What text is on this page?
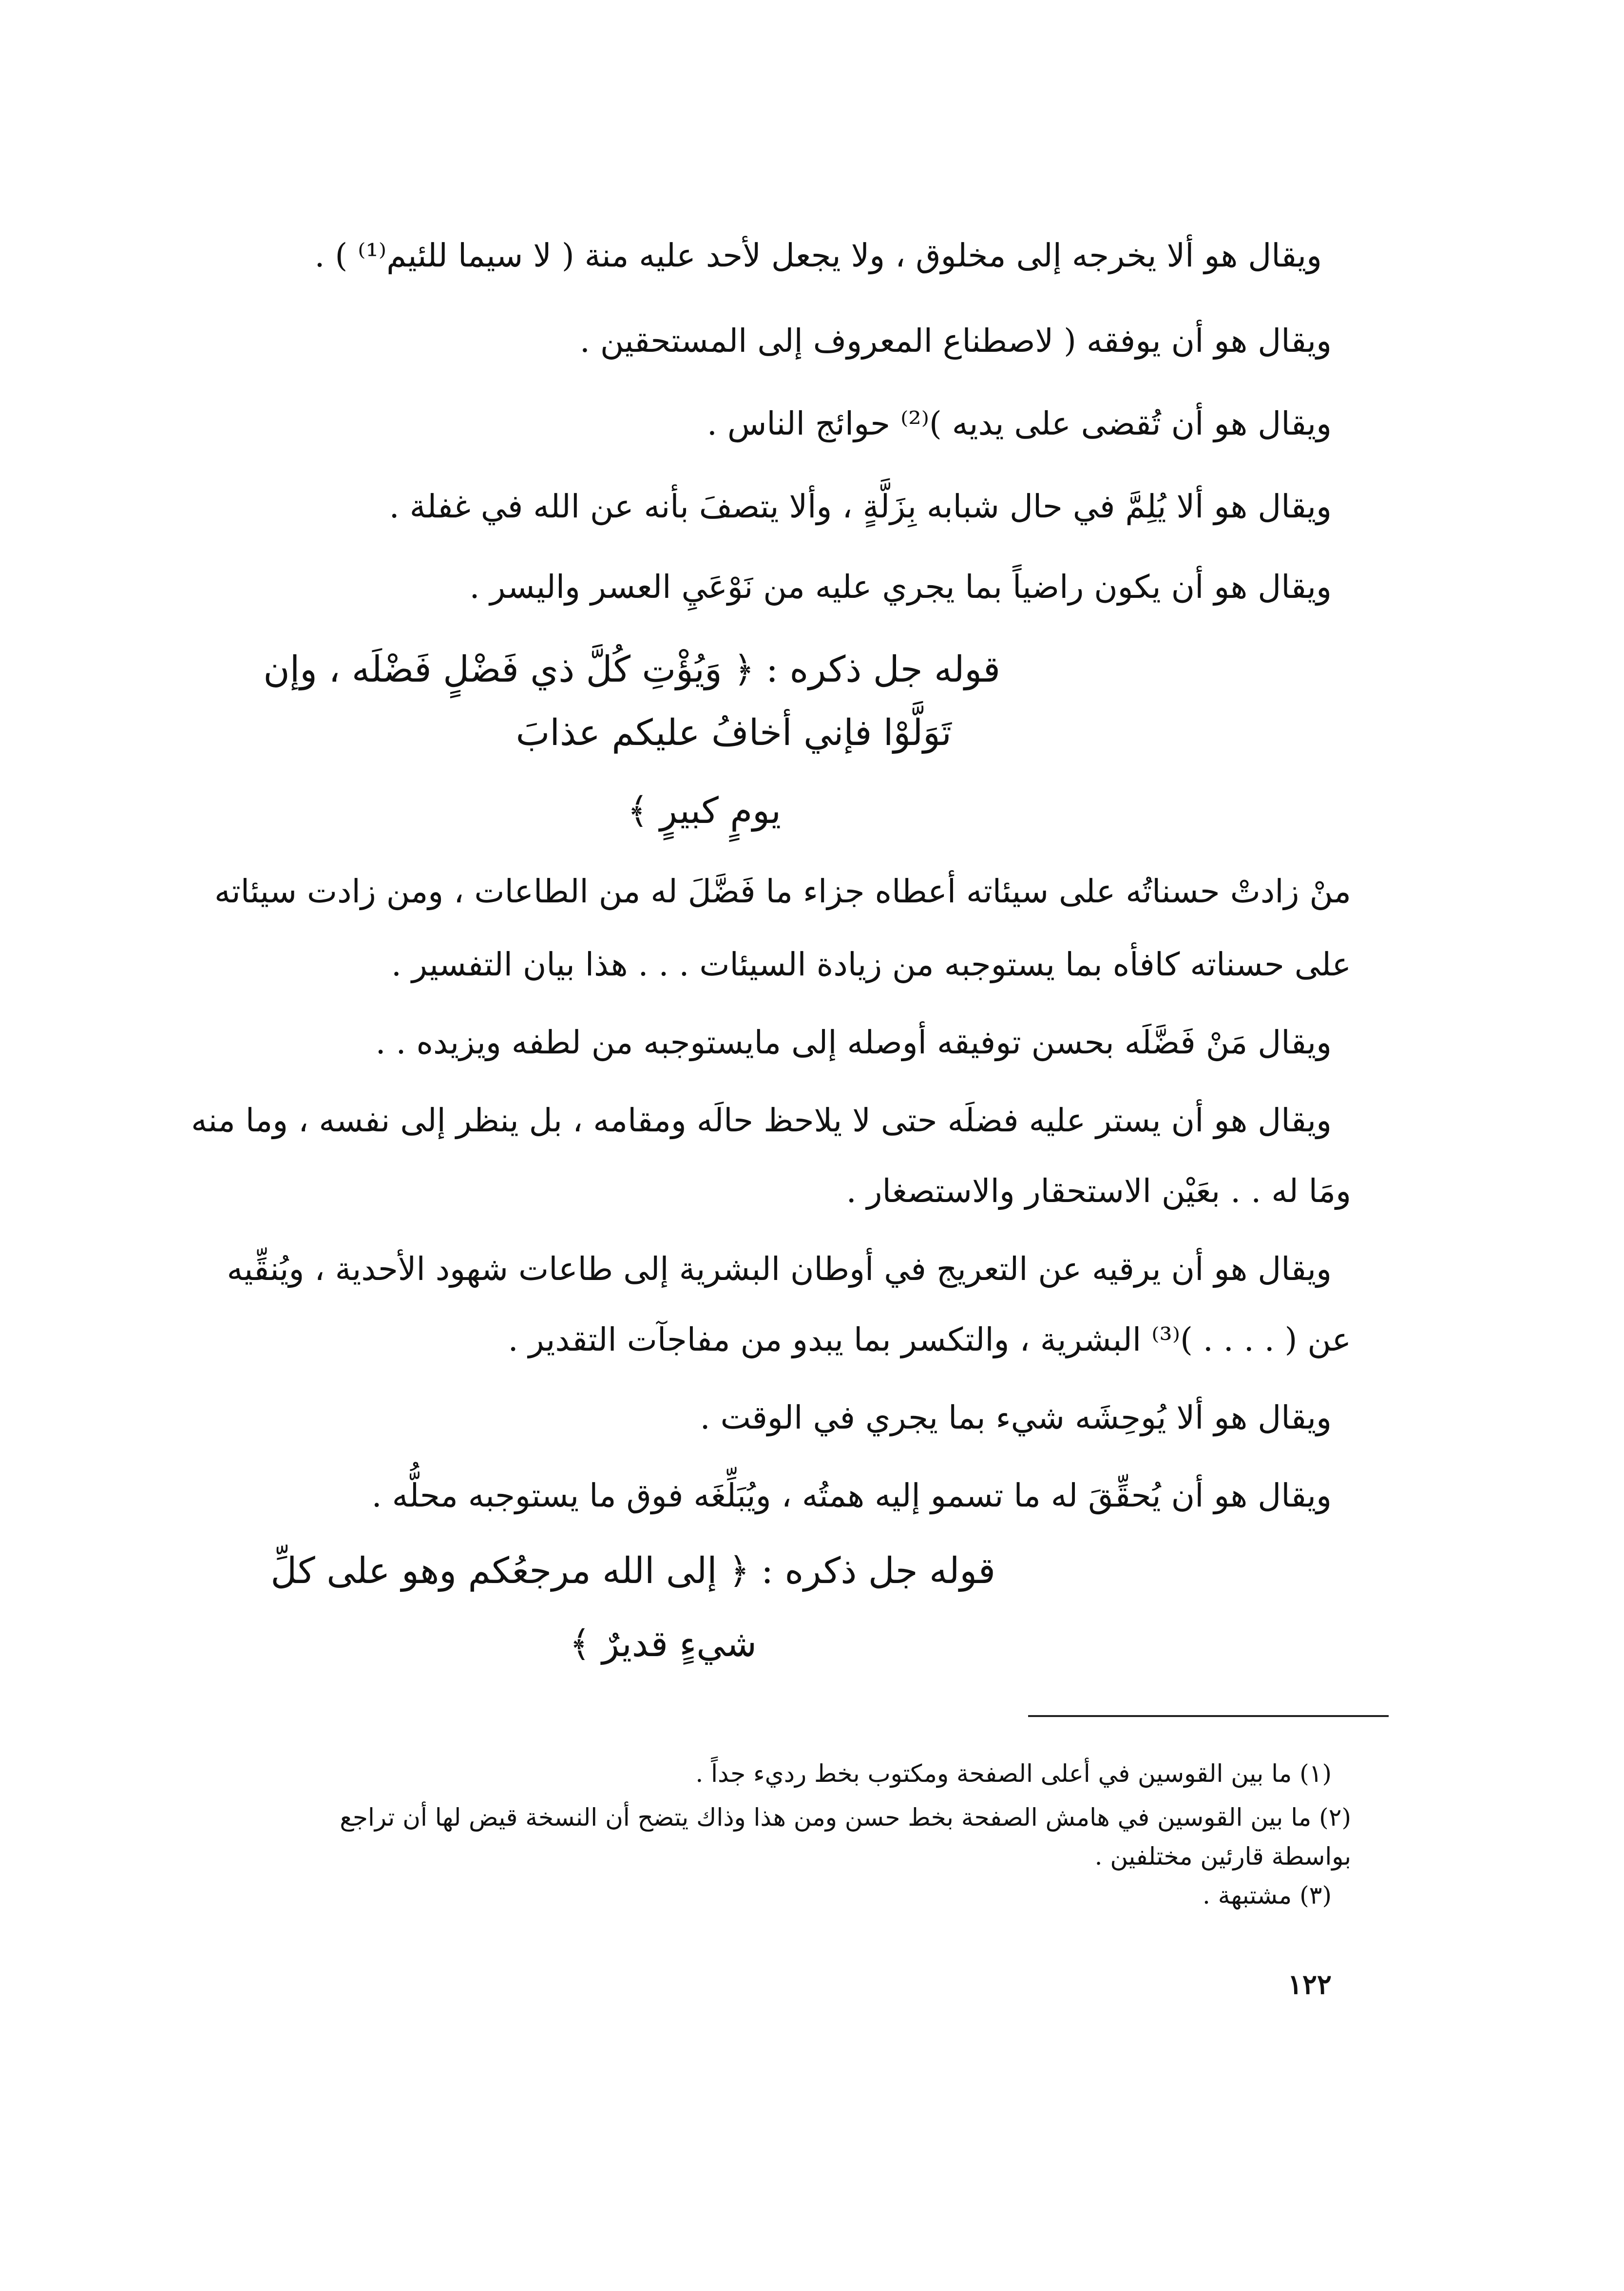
ويقال هو ألا يخرجه إلى مخلوق ، ولا يجعل لأحد عليه منة ( لا سيما للئيم⁽¹⁾ ) .
ويقال هو أن يوفقه ( لاصطناع المعروف إلى المستحقين .
ويقال هو أن تُقضى على يديه )⁽²⁾ حوائج الناس .
ويقال هو ألا يُلِمَّ في حال شبابه بِزَلَّةٍ ، وألا يتصفَ بأنه عن الله في غفلة .
ويقال هو أن يكون راضياً بما يجري عليه من نَوْعَيِ العسر واليسر .
قوله جل ذكره : ﴿ وَيُؤْتِ كُلَّ ذي فَضْلٍ فَضْلَه ، وإن
تَوَلَّوْا فإني أخافُ عليكم عذابَ
يومٍ كبيرٍ ﴾
منْ زادتْ حسناتُه على سيئاته أعطاه جزاء ما فَضَّلَ له من الطاعات ، ومن زادت سيئاته
على حسناته كافأه بما يستوجبه من زيادة السيئات . . . هذا بيان التفسير .
ويقال مَنْ فَضَّلَه بحسن توفيقه أوصله إلى مايستوجبه من لطفه ويزيده . .
ويقال هو أن يستر عليه فضلَه حتى لا يلاحظ حالَه ومقامه ، بل ينظر إلى نفسه ، وما منه
ومَا له . . بعَيْن الاستحقار والاستصغار .
ويقال هو أن يرقيه عن التعريج في أوطان البشرية إلى طاعات شهود الأحدية ، ويُنقِّيه
عن ( . . . . )⁽³⁾ البشرية ، والتكسر بما يبدو من مفاجآت التقدير .
ويقال هو ألا يُوحِشَه شيء بما يجري في الوقت .
ويقال هو أن يُحقِّقَ له ما تسمو إليه همتُه ، ويُبَلِّغَه فوق ما يستوجبه محلُّه .
قوله جل ذكره : ﴿ إلى الله مرجعُكم وهو على كلِّ
شيءٍ قديرٌ ﴾
(١) ما بين القوسين في أعلى الصفحة ومكتوب بخط رديء جداً .
(٢) ما بين القوسين في هامش الصفحة بخط حسن ومن هذا وذاك يتضح أن النسخة قيض لها أن تراجع
بواسطة قارئين مختلفين .
(٣) مشتبهة .
١٢٢
